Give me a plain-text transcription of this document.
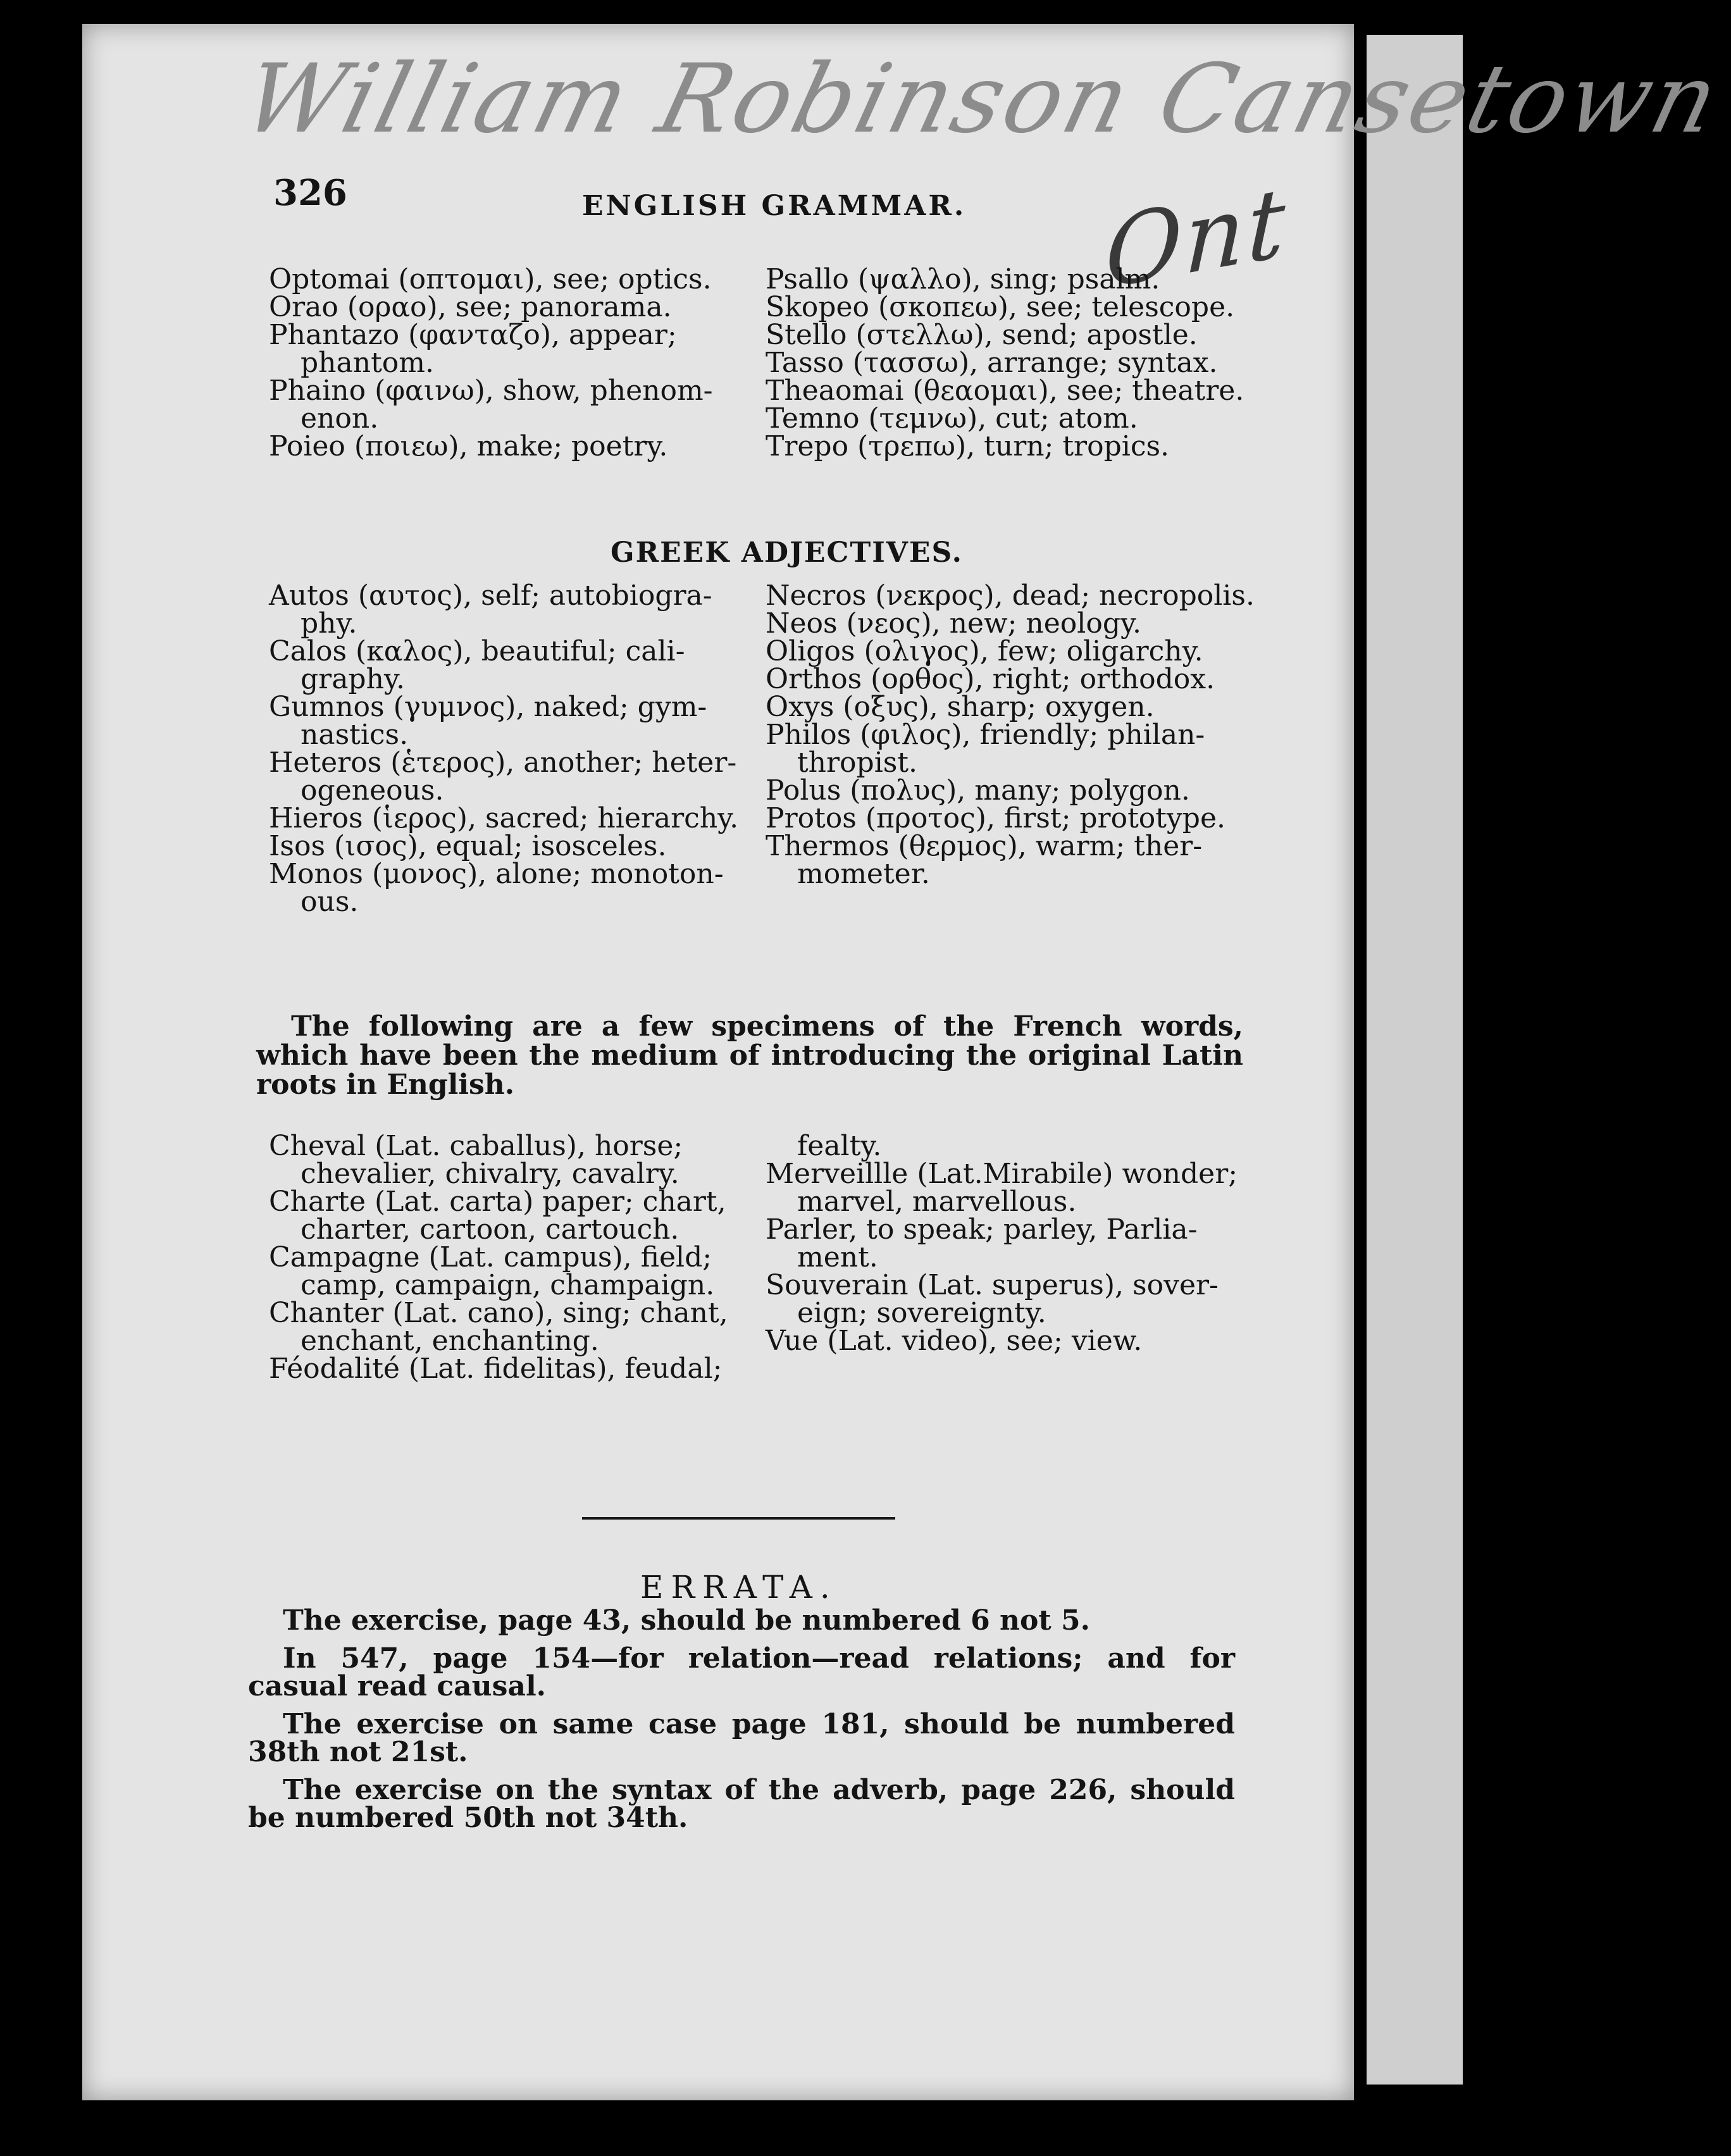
William Robinson Cansetown
Ont
326	ENGLISH GRAMMAR.
Optomai (οπτομαι), see; optics.
Orao (οραο), see; panorama.
Phantazo (φανταζο), appear;
phantom.
Phaino (φαινω), show, phenom-
enon.
Poieo (ποιεω), make; poetry.
Psallo (ψαλλο), sing; psalm.
Skopeo (σκοπεω), see; telescope.
Stello (στελλω), send; apostle.
Tasso (τασσω), arrange; syntax.
Theaomai (θεαομαι), see; theatre.
Temno (τεμνω), cut; atom.
Trepo (τρεπω), turn; tropics.
GREEK ADJECTIVES.
Autos (αυτος), self; autobiogra-
phy.
Calos (καλος), beautiful; cali-
graphy.
Gumnos (γυμνος), naked; gym-
nastics.
Heteros (ἑτερος), another; heter-
ogeneous.
Hieros (ἱερος), sacred; hierarchy.
Isos (ισος), equal; isosceles.
Monos (μονος), alone; monoton-
ous.
Necros (νεκρος), dead; necropolis.
Neos (νεος), new; neology.
Oligos (ολιγος), few; oligarchy.
Orthos (ορθος), right; orthodox.
Oxys (οξυς), sharp; oxygen.
Philos (φιλος), friendly; philan-
thropist.
Polus (πολυς), many; polygon.
Protos (προτος), first; prototype.
Thermos (θερμος), warm; ther-
mometer.
The following are a few specimens of the French words, which have been the medium of introducing the original Latin roots in English.
Cheval (Lat. caballus), horse;
chevalier, chivalry, cavalry.
Charte (Lat. carta) paper; chart,
charter, cartoon, cartouch.
Campagne (Lat. campus), field;
camp, campaign, champaign.
Chanter (Lat. cano), sing; chant,
enchant, enchanting.
Féodalité (Lat. fidelitas), feudal;
fealty.
Merveillle (Lat.Mirabile) wonder;
marvel, marvellous.
Parler, to speak; parley, Parlia-
ment.
Souverain (Lat. superus), sover-
eign; sovereignty.
Vue (Lat. video), see; view.
ERRATA.

The exercise, page 43, should be numbered 6 not 5.

In 547, page 154—for relation—read relations; and for casual read causal.

The exercise on same case page 181, should be numbered 38th not 21st.

The exercise on the syntax of the adverb, page 226, should be numbered 50th not 34th.
